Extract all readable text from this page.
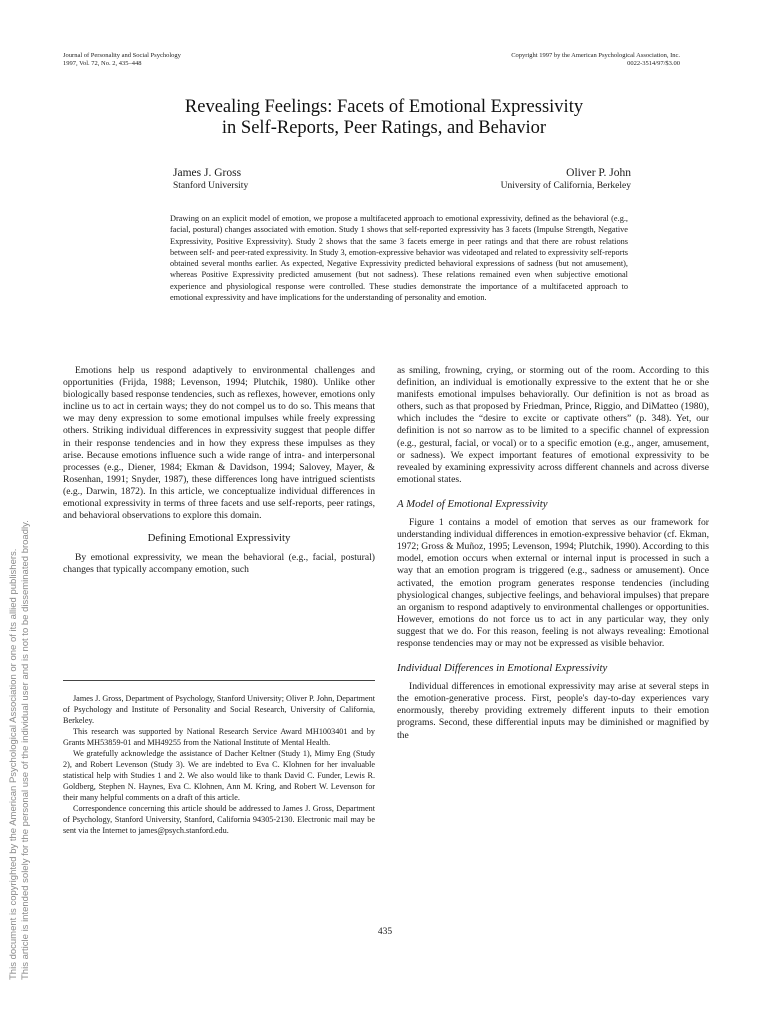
Journal of Personality and Social Psychology
1997, Vol. 72, No. 2, 435–448
Copyright 1997 by the American Psychological Association, Inc.
0022-3514/97/$3.00
Revealing Feelings: Facets of Emotional Expressivity
in Self-Reports, Peer Ratings, and Behavior
James J. Gross
Stanford University
Oliver P. John
University of California, Berkeley
Drawing on an explicit model of emotion, we propose a multifaceted approach to emotional expressivity, defined as the behavioral (e.g., facial, postural) changes associated with emotion. Study 1 shows that self-reported expressivity has 3 facets (Impulse Strength, Negative Expressivity, Positive Expressivity). Study 2 shows that the same 3 facets emerge in peer ratings and that there are robust relations between self- and peer-rated expressivity. In Study 3, emotion-expressive behavior was videotaped and related to expressivity self-reports obtained several months earlier. As expected, Negative Expressivity predicted behavioral expressions of sadness (but not amusement), whereas Positive Expressivity predicted amusement (but not sadness). These relations remained even when subjective emotional experience and physiological response were controlled. These studies demonstrate the importance of a multifaceted approach to emotional expressivity and have implications for the understanding of personality and emotion.

Emotions help us respond adaptively to environmental challenges and opportunities (Frijda, 1988; Levenson, 1994; Plutchik, 1980). Unlike other biologically based response tendencies, such as reflexes, however, emotions only incline us to act in certain ways; they do not compel us to do so. This means that we may deny expression to some emotional impulses while freely expressing others. Striking individual differences in expressivity suggest that people differ in their response tendencies and in how they express these impulses as they arise. Because emotions influence such a wide range of intra- and interpersonal processes (e.g., Diener, 1984; Ekman & Davidson, 1994; Salovey, Mayer, & Rosenhan, 1991; Snyder, 1987), these differences long have intrigued scientists (e.g., Darwin, 1872). In this article, we conceptualize individual differences in emotional expressivity in terms of three facets and use self-reports, peer ratings, and behavioral observations to explore this domain.

Defining Emotional Expressivity

By emotional expressivity, we mean the behavioral (e.g., facial, postural) changes that typically accompany emotion, such

James J. Gross, Department of Psychology, Stanford University; Oliver P. John, Department of Psychology and Institute of Personality and Social Research, University of California, Berkeley.

This research was supported by National Research Service Award MH1003401 and by Grants MH53859-01 and MH49255 from the National Institute of Mental Health.

We gratefully acknowledge the assistance of Dacher Keltner (Study 1), Mimy Eng (Study 2), and Robert Levenson (Study 3). We are indebted to Eva C. Klohnen for her invaluable statistical help with Studies 1 and 2. We also would like to thank David C. Funder, Lewis R. Goldberg, Stephen N. Haynes, Eva C. Klohnen, Ann M. Kring, and Robert W. Levenson for their many helpful comments on a draft of this article.

Correspondence concerning this article should be addressed to James J. Gross, Department of Psychology, Stanford University, Stanford, California 94305-2130. Electronic mail may be sent via the Internet to james@psych.stanford.edu.

as smiling, frowning, crying, or storming out of the room. According to this definition, an individual is emotionally expressive to the extent that he or she manifests emotional impulses behaviorally. Our definition is not as broad as others, such as that proposed by Friedman, Prince, Riggio, and DiMatteo (1980), which includes the “desire to excite or captivate others” (p. 348). Yet, our definition is not so narrow as to be limited to a specific channel of expression (e.g., gestural, facial, or vocal) or to a specific emotion (e.g., anger, amusement, or sadness). We expect important features of emotional expressivity to be revealed by examining expressivity across different channels and across diverse emotional states.

A Model of Emotional Expressivity

Figure 1 contains a model of emotion that serves as our framework for understanding individual differences in emotion-expressive behavior (cf. Ekman, 1972; Gross & Muñoz, 1995; Levenson, 1994; Plutchik, 1990). According to this model, emotion occurs when external or internal input is processed in such a way that an emotion program is triggered (e.g., sadness or amusement). Once activated, the emotion program generates response tendencies (including physiological changes, subjective feelings, and behavioral impulses) that prepare an organism to respond adaptively to environmental challenges or opportunities. However, emotions do not force us to act in any particular way, they only suggest that we do. For this reason, feeling is not always revealing: Emotional response tendencies may or may not be expressed as visible behavior.

Individual Differences in Emotional Expressivity

Individual differences in emotional expressivity may arise at several steps in the emotion-generative process. First, people's day-to-day experiences vary enormously, thereby providing extremely different inputs to their emotion programs. Second, these differential inputs may be diminished or magnified by the

435
This document is copyrighted by the American Psychological Association or one of its allied publishers. This article is intended solely for the personal use of the individual user and is not to be disseminated broadly.
